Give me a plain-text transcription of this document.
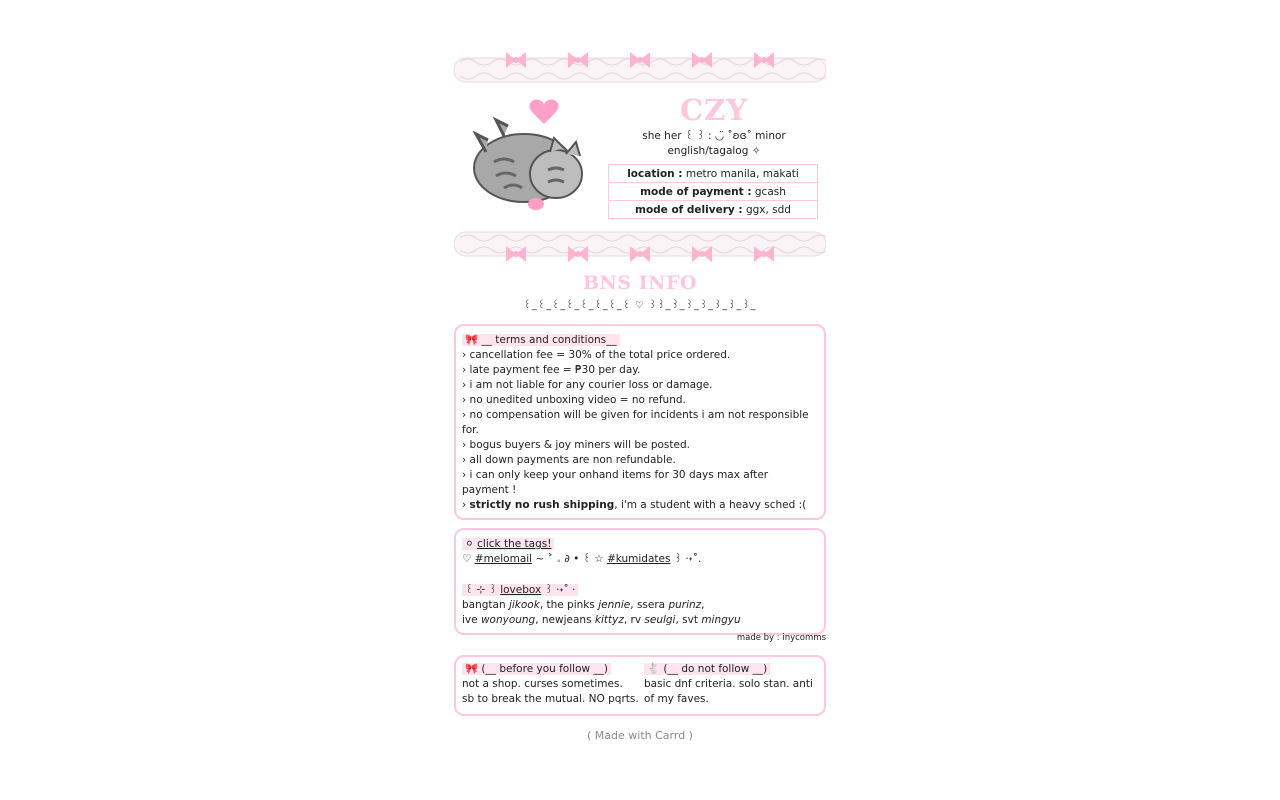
CZY
she her ꒰ ꒱ : ◡̈ ˚ʚɞ˚ minor
english/tagalog ✧
location : metro manila, makati
mode of payment : gcash
mode of delivery : ggx, sdd
BNS INFO
꒰_꒰_꒰_꒰_꒰_꒰_꒰_꒰ ♡ ꒱꒱_꒱_꒱_꒱_꒱_꒱_꒱_
🎀 __ terms and conditions__
› cancellation fee = 30% of the total price ordered.
› late payment fee = ₱30 per day.
› i am not liable for any courier loss or damage.
› no unedited unboxing video = no refund.
› no compensation will be given for incidents i am not responsible for.
› bogus buyers & joy miners will be posted.
› all down payments are non refundable.
› i can only keep your onhand items for 30 days max after payment !
› strictly no rush shipping, i'm a student with a heavy sched :(
⚪ click the tags!
♡ #melomail ~ ˃ 。∂ • ꒰ ☆ #kumidates ꒱ ·˖˚.
꒰ ⊹ ꒱ lovebox ꒱ ·˖˚ ·
bangtan jikook, the pinks jennie, ssera purinz,
ive wonyoung, newjeans kittyz, rv seulgi, svt mingyu
made by : inycomms
🎀 (__ before you follow __)
not a shop. curses sometimes.
sb to break the mutual. NO pqrts.
🐇 (__ do not follow __)
basic dnf criteria. solo stan. anti
of my faves.
( Made with Carrd )
